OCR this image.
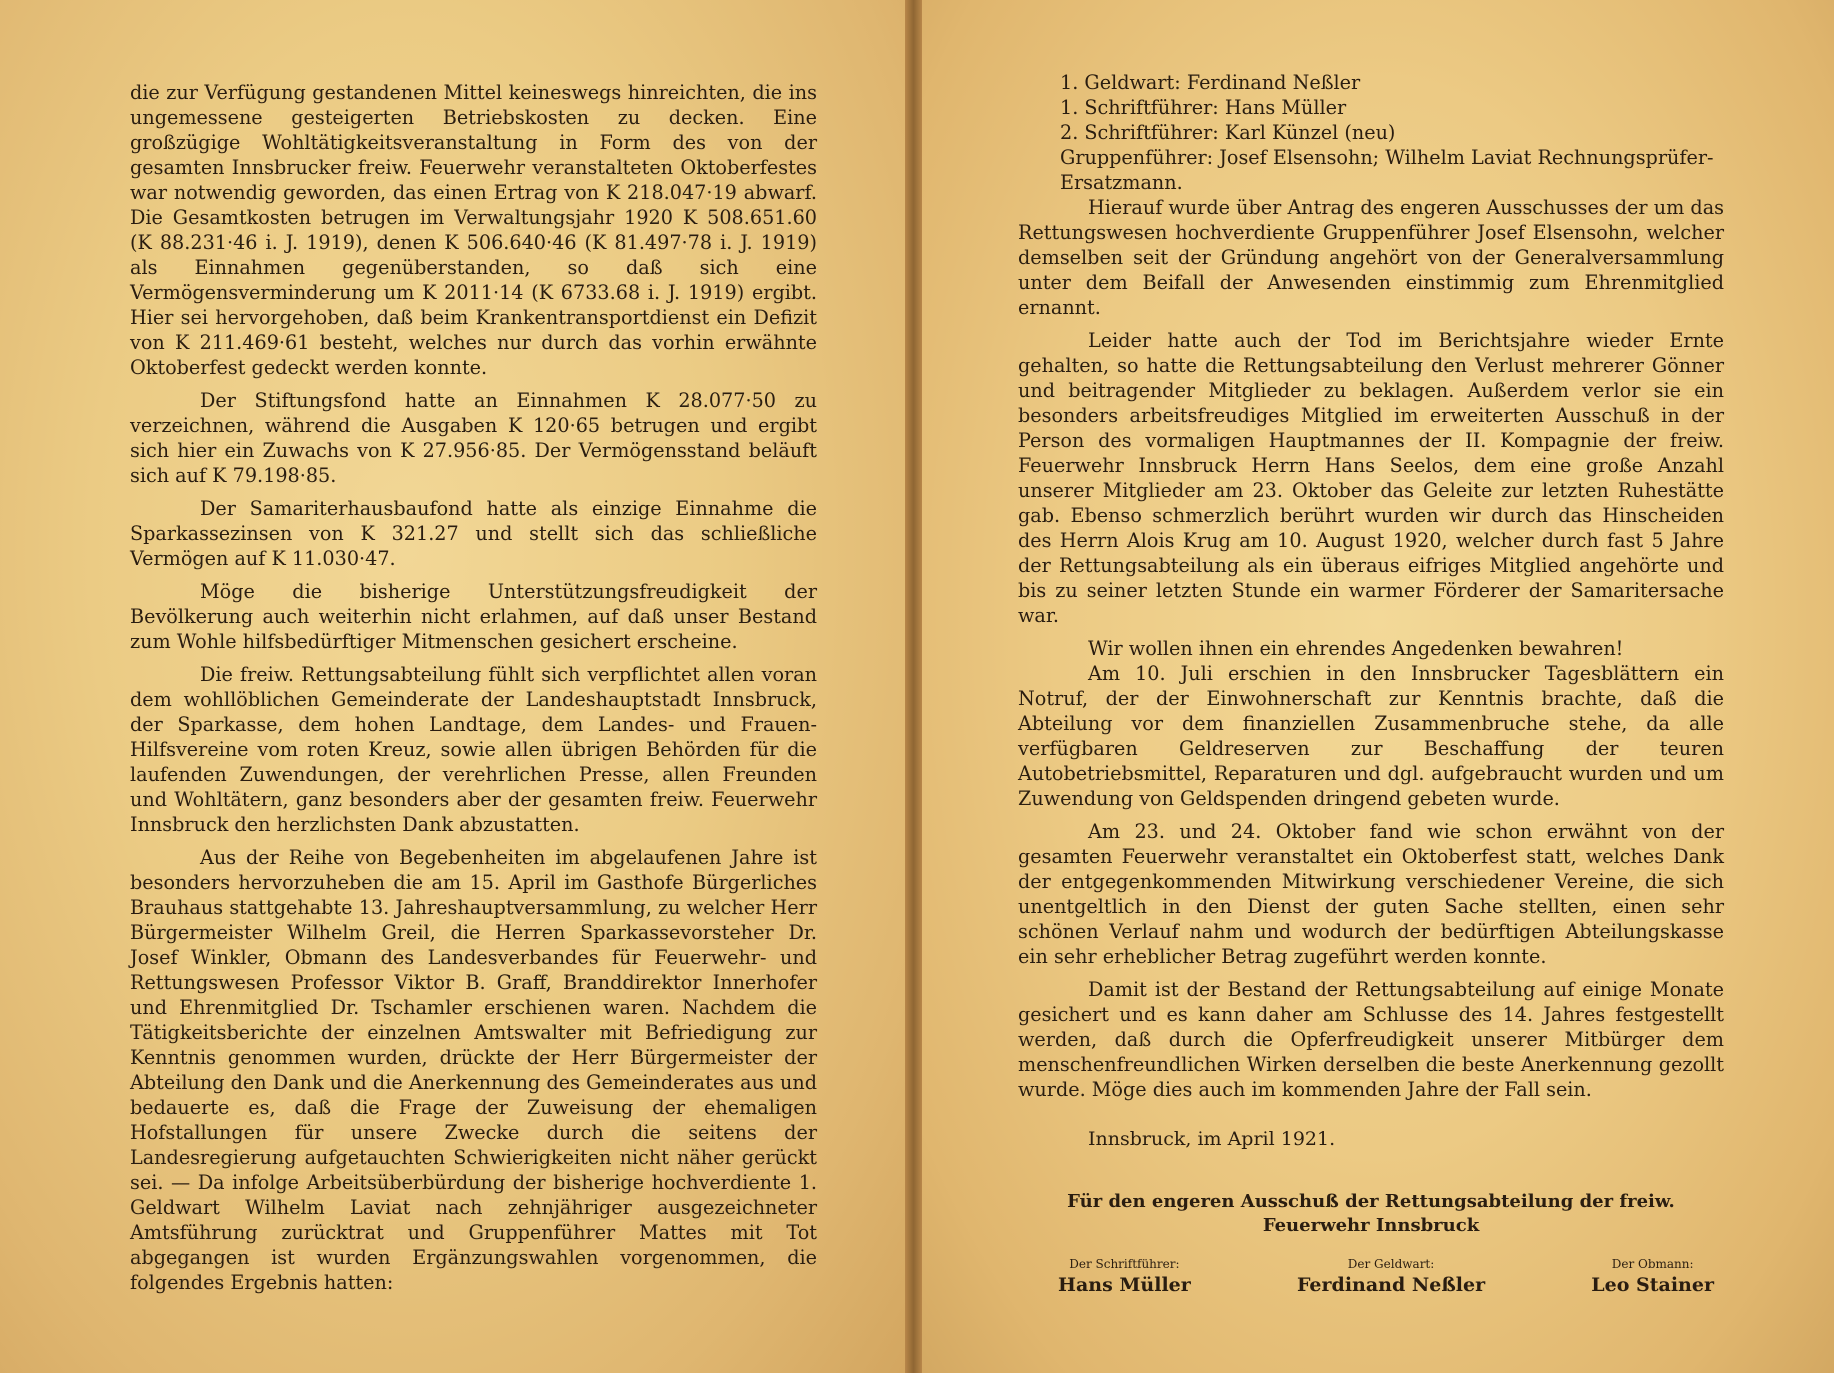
die zur Verfügung gestandenen Mittel keineswegs hinreichten, die ins ungemessene gesteigerten Betriebskosten zu decken. Eine großzügige Wohltätigkeitsveranstaltung in Form des von der gesamten Innsbrucker freiw. Feuerwehr veranstalteten Oktoberfestes war notwendig geworden, das einen Ertrag von K 218.047·19 abwarf. Die Gesamtkosten betrugen im Verwaltungsjahr 1920 K 508.651.60 (K 88.231·46 i. J. 1919), denen K 506.640·46 (K 81.497·78 i. J. 1919) als Einnahmen gegenüberstanden, so daß sich eine Vermögensverminderung um K 2011·14 (K 6733.68 i. J. 1919) ergibt. Hier sei hervorgehoben, daß beim Krankentransportdienst ein Defizit von K 211.469·61 besteht, welches nur durch das vorhin erwähnte Oktoberfest gedeckt werden konnte.

Der Stiftungsfond hatte an Einnahmen K 28.077·50 zu verzeichnen, während die Ausgaben K 120·65 betrugen und ergibt sich hier ein Zuwachs von K 27.956·85. Der Vermögensstand beläuft sich auf K 79.198·85.

Der Samariterhausbaufond hatte als einzige Einnahme die Sparkassezinsen von K 321.27 und stellt sich das schließliche Vermögen auf K 11.030·47.

Möge die bisherige Unterstützungsfreudigkeit der Bevölkerung auch weiterhin nicht erlahmen, auf daß unser Bestand zum Wohle hilfsbedürftiger Mitmenschen gesichert erscheine.

Die freiw. Rettungsabteilung fühlt sich verpflichtet allen voran dem wohllöblichen Gemeinderate der Landeshauptstadt Innsbruck, der Sparkasse, dem hohen Landtage, dem Landes- und Frauen-Hilfsvereine vom roten Kreuz, sowie allen übrigen Behörden für die laufenden Zuwendungen, der verehrlichen Presse, allen Freunden und Wohltätern, ganz besonders aber der gesamten freiw. Feuerwehr Innsbruck den herzlichsten Dank abzustatten.

Aus der Reihe von Begebenheiten im abgelaufenen Jahre ist besonders hervorzuheben die am 15. April im Gasthofe Bürgerliches Brauhaus stattgehabte 13. Jahreshauptversammlung, zu welcher Herr Bürgermeister Wilhelm Greil, die Herren Sparkassevorsteher Dr. Josef Winkler, Obmann des Landesverbandes für Feuerwehr- und Rettungswesen Professor Viktor B. Graff, Branddirektor Innerhofer und Ehrenmitglied Dr. Tschamler erschienen waren. Nachdem die Tätigkeitsberichte der einzelnen Amtswalter mit Befriedigung zur Kenntnis genommen wurden, drückte der Herr Bürgermeister der Abteilung den Dank und die Anerkennung des Gemeinderates aus und bedauerte es, daß die Frage der Zuweisung der ehemaligen Hofstallungen für unsere Zwecke durch die seitens der Landesregierung aufgetauchten Schwierigkeiten nicht näher gerückt sei. — Da infolge Arbeitsüberbürdung der bisherige hochverdiente 1. Geldwart Wilhelm Laviat nach zehnjähriger ausgezeichneter Amtsführung zurücktrat und Gruppenführer Mattes mit Tot abgegangen ist wurden Ergänzungswahlen vorgenommen, die folgendes Ergebnis hatten:

1. Geldwart: Ferdinand Neßler
1. Schriftführer: Hans Müller
2. Schriftführer: Karl Künzel (neu)
Gruppenführer: Josef Elsensohn; Wilhelm Laviat Rechnungsprüfer-Ersatzmann.

Hierauf wurde über Antrag des engeren Ausschusses der um das Rettungswesen hochverdiente Gruppenführer Josef Elsensohn, welcher demselben seit der Gründung angehört von der Generalversammlung unter dem Beifall der Anwesenden einstimmig zum Ehrenmitglied ernannt.

Leider hatte auch der Tod im Berichtsjahre wieder Ernte gehalten, so hatte die Rettungsabteilung den Verlust mehrerer Gönner und beitragender Mitglieder zu beklagen. Außerdem verlor sie ein besonders arbeitsfreudiges Mitglied im erweiterten Ausschuß in der Person des vormaligen Hauptmannes der II. Kompagnie der freiw. Feuerwehr Innsbruck Herrn Hans Seelos, dem eine große Anzahl unserer Mitglieder am 23. Oktober das Geleite zur letzten Ruhestätte gab. Ebenso schmerzlich berührt wurden wir durch das Hinscheiden des Herrn Alois Krug am 10. August 1920, welcher durch fast 5 Jahre der Rettungsabteilung als ein überaus eifriges Mitglied angehörte und bis zu seiner letzten Stunde ein warmer Förderer der Samaritersache war.

Wir wollen ihnen ein ehrendes Angedenken bewahren!

Am 10. Juli erschien in den Innsbrucker Tagesblättern ein Notruf, der der Einwohnerschaft zur Kenntnis brachte, daß die Abteilung vor dem finanziellen Zusammenbruche stehe, da alle verfügbaren Geldreserven zur Beschaffung der teuren Autobetriebsmittel, Reparaturen und dgl. aufgebraucht wurden und um Zuwendung von Geldspenden dringend gebeten wurde.

Am 23. und 24. Oktober fand wie schon erwähnt von der gesamten Feuerwehr veranstaltet ein Oktoberfest statt, welches Dank der entgegenkommenden Mitwirkung verschiedener Vereine, die sich unentgeltlich in den Dienst der guten Sache stellten, einen sehr schönen Verlauf nahm und wodurch der bedürftigen Abteilungskasse ein sehr erheblicher Betrag zugeführt werden konnte.

Damit ist der Bestand der Rettungsabteilung auf einige Monate gesichert und es kann daher am Schlusse des 14. Jahres festgestellt werden, daß durch die Opferfreudigkeit unserer Mitbürger dem menschenfreundlichen Wirken derselben die beste Anerkennung gezollt wurde. Möge dies auch im kommenden Jahre der Fall sein.

Innsbruck, im April 1921.
Für den engeren Ausschuß der Rettungsabteilung der freiw.
Feuerwehr Innsbruck
Der Schriftführer:
Hans Müller
Der Geldwart:
Ferdinand Neßler
Der Obmann:
Leo Stainer
